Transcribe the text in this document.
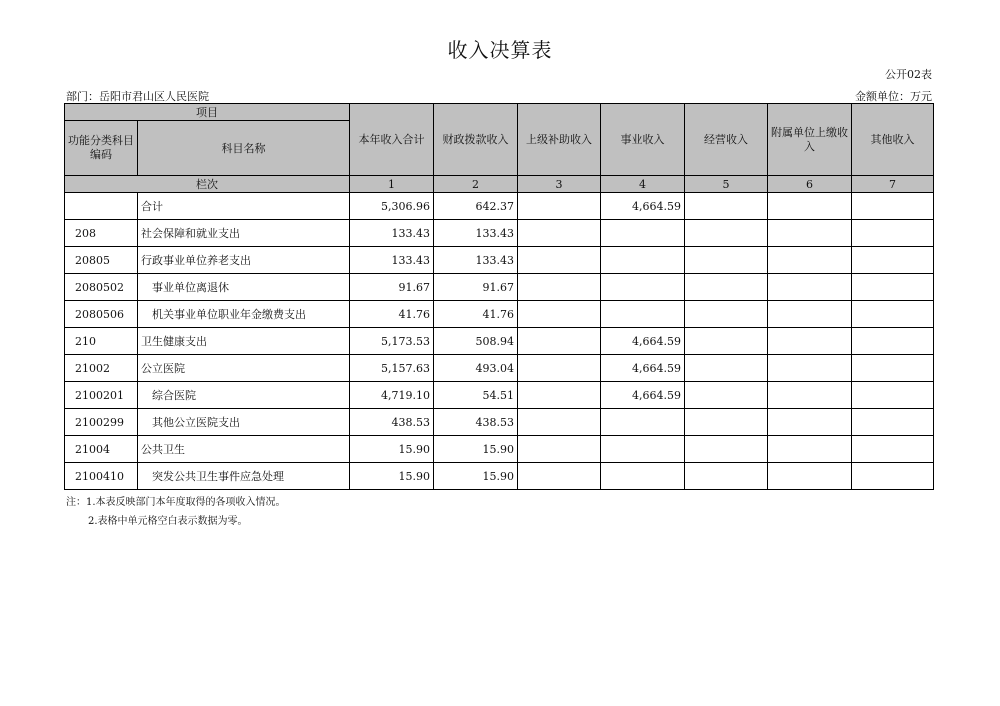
收入决算表
公开02表
部门：岳阳市君山区人民医院	金额单位：万元
项目		本年收入合计	财政拨款收入	上级补助收入	事业收入	经营收入	附属单位上缴收入	其他收入
功能分类科目编码	科目名称							
栏次		1	2	3	4	5	6	7
	合计	5,306.96	642.37		4,664.59			
208	社会保障和就业支出	133.43	133.43					
20805	行政事业单位养老支出	133.43	133.43					
2080502	事业单位离退休	91.67	91.67					
2080506	机关事业单位职业年金缴费支出	41.76	41.76					
210	卫生健康支出	5,173.53	508.94		4,664.59			
21002	公立医院	5,157.63	493.04		4,664.59			
2100201	综合医院	4,719.10	54.51		4,664.59			
2100299	其他公立医院支出	438.53	438.53					
21004	公共卫生	15.90	15.90					
2100410	突发公共卫生事件应急处理	15.90	15.90					
注：1.本表反映部门本年度取得的各项收入情况。
2.表格中单元格空白表示数据为零。
